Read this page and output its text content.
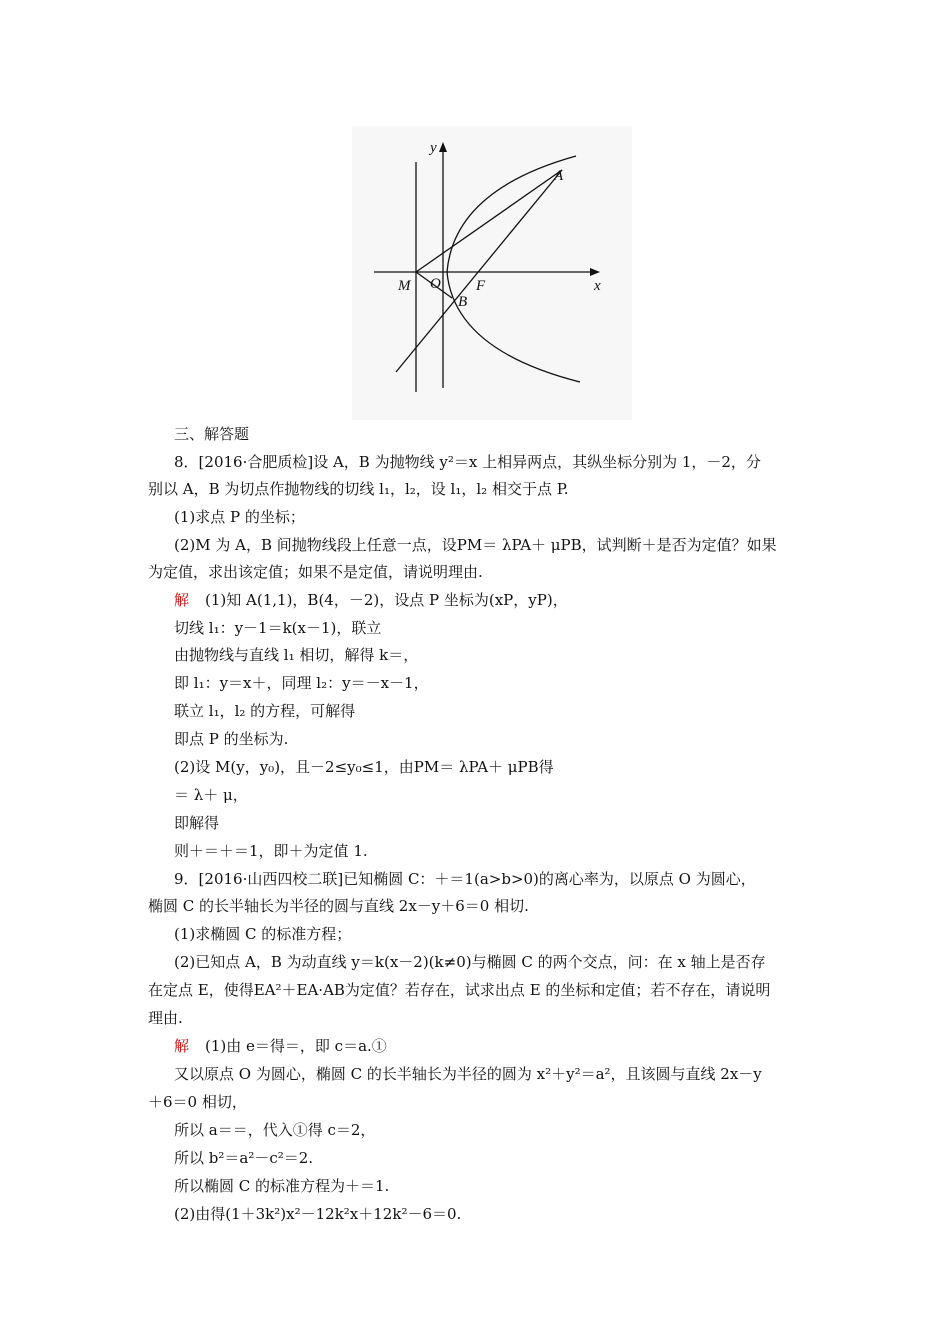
y
x
A
M O F
B
三、解答题
8．[2016·合肥质检]设 A，B 为抛物线 y²＝x 上相异两点，其纵坐标分别为 1，－2，分
别以 A，B 为切点作抛物线的切线 l₁，l₂，设 l₁，l₂ 相交于点 P.
(1)求点 P 的坐标；
(2)M 为 A，B 间抛物线段上任意一点，设PM＝ λPA＋ μPB，试判断＋是否为定值？如果
为定值，求出该定值；如果不是定值，请说明理由.
解 (1)知 A(1,1)，B(4，－2)，设点 P 坐标为(xP，yP)，
切线 l₁：y－1＝k(x－1)，联立
由抛物线与直线 l₁ 相切，解得 k＝，
即 l₁：y＝x＋，同理 l₂：y＝－x－1，
联立 l₁，l₂ 的方程，可解得
即点 P 的坐标为.
(2)设 M(y，y₀)，且－2≤y₀≤1，由PM＝ λPA＋ μPB得
＝ λ＋ μ，
即解得
则＋＝＋＝1，即＋为定值 1.
9．[2016·山西四校二联]已知椭圆 C：＋＝1(a>b>0)的离心率为，以原点 O 为圆心，
椭圆 C 的长半轴长为半径的圆与直线 2x－y＋6＝0 相切.
(1)求椭圆 C 的标准方程；
(2)已知点 A，B 为动直线 y＝k(x－2)(k≠0)与椭圆 C 的两个交点，问：在 x 轴上是否存
在定点 E，使得EA²＋EA·AB为定值？若存在，试求出点 E 的坐标和定值；若不存在，请说明
理由.
解 (1)由 e＝得＝，即 c＝a.①
又以原点 O 为圆心，椭圆 C 的长半轴长为半径的圆为 x²＋y²＝a²，且该圆与直线 2x－y
＋6＝0 相切，
所以 a＝＝，代入①得 c＝2，
所以 b²＝a²－c²＝2.
所以椭圆 C 的标准方程为＋＝1.
(2)由得(1＋3k²)x²－12k²x＋12k²－6＝0.
